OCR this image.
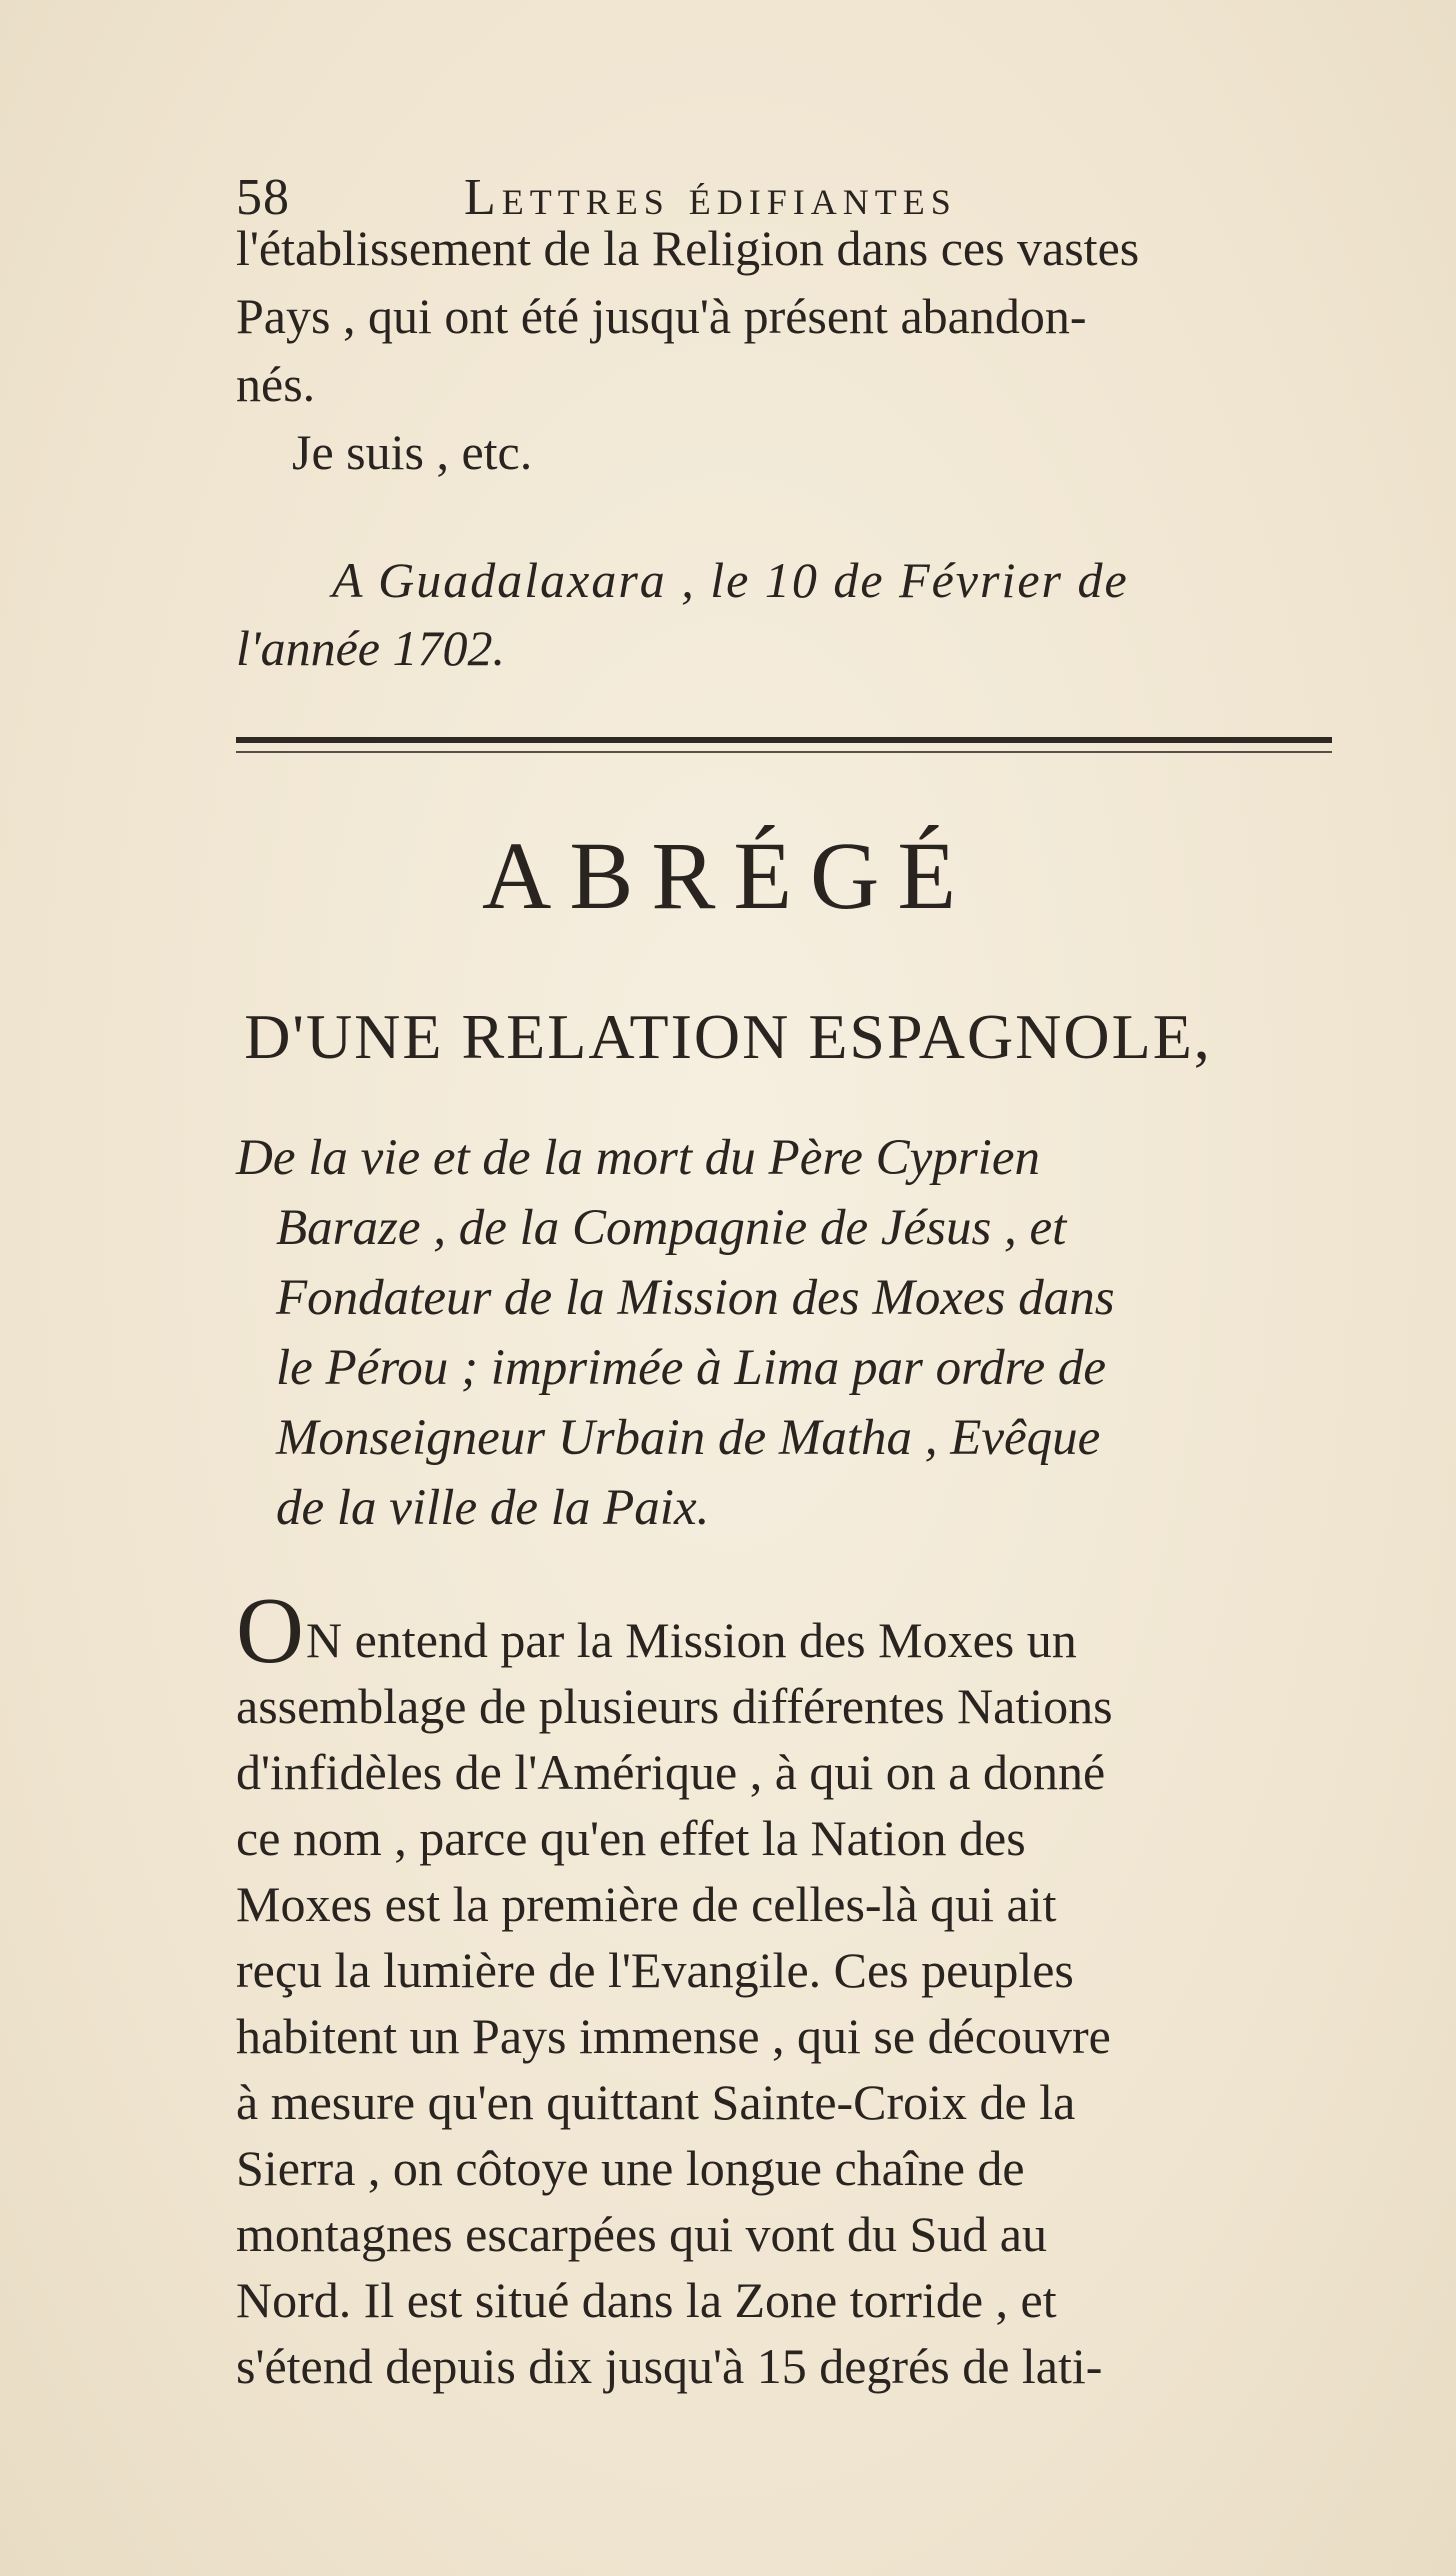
58	Lettres édifiantes
l'établissement de la Religion dans ces vastes
Pays , qui ont été jusqu'à présent abandon-
nés.
Je suis , etc.
A Guadalaxara , le 10 de Février de
l'année 1702.
ABRÉGÉ
D'UNE RELATION ESPAGNOLE,
De la vie et de la mort du Père Cyprien
Baraze , de la Compagnie de Jésus , et
Fondateur de la Mission des Moxes dans
le Pérou ; imprimée à Lima par ordre de
Monseigneur Urbain de Matha , Evêque
de la ville de la Paix.
O N entend par la Mission des Moxes un
assemblage de plusieurs différentes Nations
d'infidèles de l'Amérique , à qui on a donné
ce nom , parce qu'en effet la Nation des
Moxes est la première de celles-là qui ait
reçu la lumière de l'Evangile. Ces peuples
habitent un Pays immense , qui se découvre
à mesure qu'en quittant Sainte-Croix de la
Sierra , on côtoye une longue chaîne de
montagnes escarpées qui vont du Sud au
Nord. Il est situé dans la Zone torride , et
s'étend depuis dix jusqu'à 15 degrés de lati-
